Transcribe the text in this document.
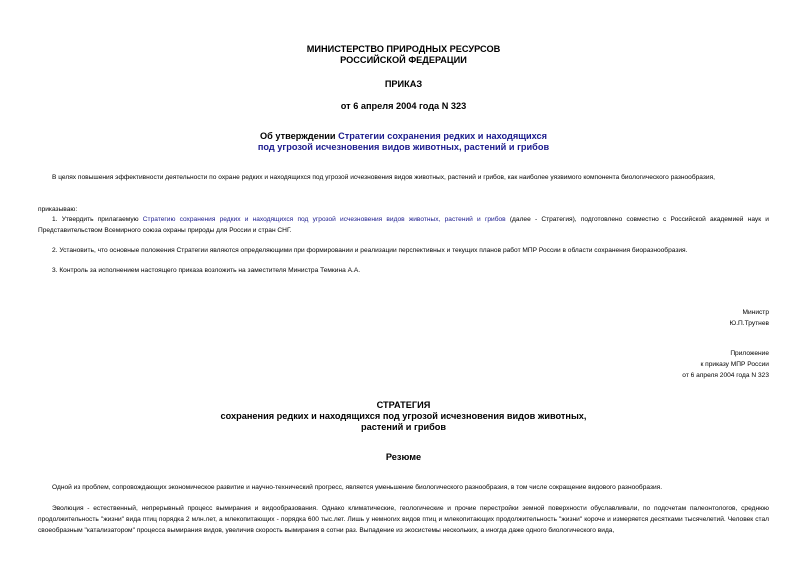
МИНИСТЕРСТВО ПРИРОДНЫХ РЕСУРСОВ
РОССИЙСКОЙ ФЕДЕРАЦИИ
ПРИКАЗ
от 6 апреля 2004 года N 323
Об утверждении Стратегии сохранения редких и находящихся
под угрозой исчезновения видов животных, растений и грибов
В целях повышения эффективности деятельности по охране редких и находящихся под угрозой исчезновения видов животных, растений и грибов, как наиболее уязвимого компонента биологического разнообразия,
приказываю:
1. Утвердить прилагаемую Стратегию сохранения редких и находящихся под угрозой исчезновения видов животных, растений и грибов (далее - Стратегия), подготовлено совместно с Российской академией наук и Представительством Всемирного союза охраны природы для России и стран СНГ.
2. Установить, что основные положения Стратегии являются определяющими при формировании и реализации перспективных и текущих планов работ МПР России в области сохранения биоразнообразия.
3. Контроль за исполнением настоящего приказа возложить на заместителя Министра Темкина А.А.
Министр
Ю.П.Трутнев
Приложение
к приказу МПР России
от 6 апреля 2004 года N 323
СТРАТЕГИЯ
сохранения редких и находящихся под угрозой исчезновения видов животных,
растений и грибов
Резюме
Одной из проблем, сопровождающих экономическое развитие и научно-технический прогресс, является уменьшение биологического разнообразия, в том числе сокращение видового разнообразия.
Эволюция - естественный, непрерывный процесс вымирания и видообразования. Однако климатические, геологические и прочие перестройки земной поверхности обуславливали, по подсчетам палеонтологов, среднюю продолжительность "жизни" вида птиц порядка 2 млн.лет, а млекопитающих - порядка 600 тыс.лет. Лишь у немногих видов птиц и млекопитающих продолжительность "жизни" короче и измеряется десятками тысячелетий. Человек стал своеобразным "катализатором" процесса вымирания видов, увеличив скорость вымирания в сотни раз. Выпадение из экосистемы нескольких, а иногда даже одного биологического вида,
